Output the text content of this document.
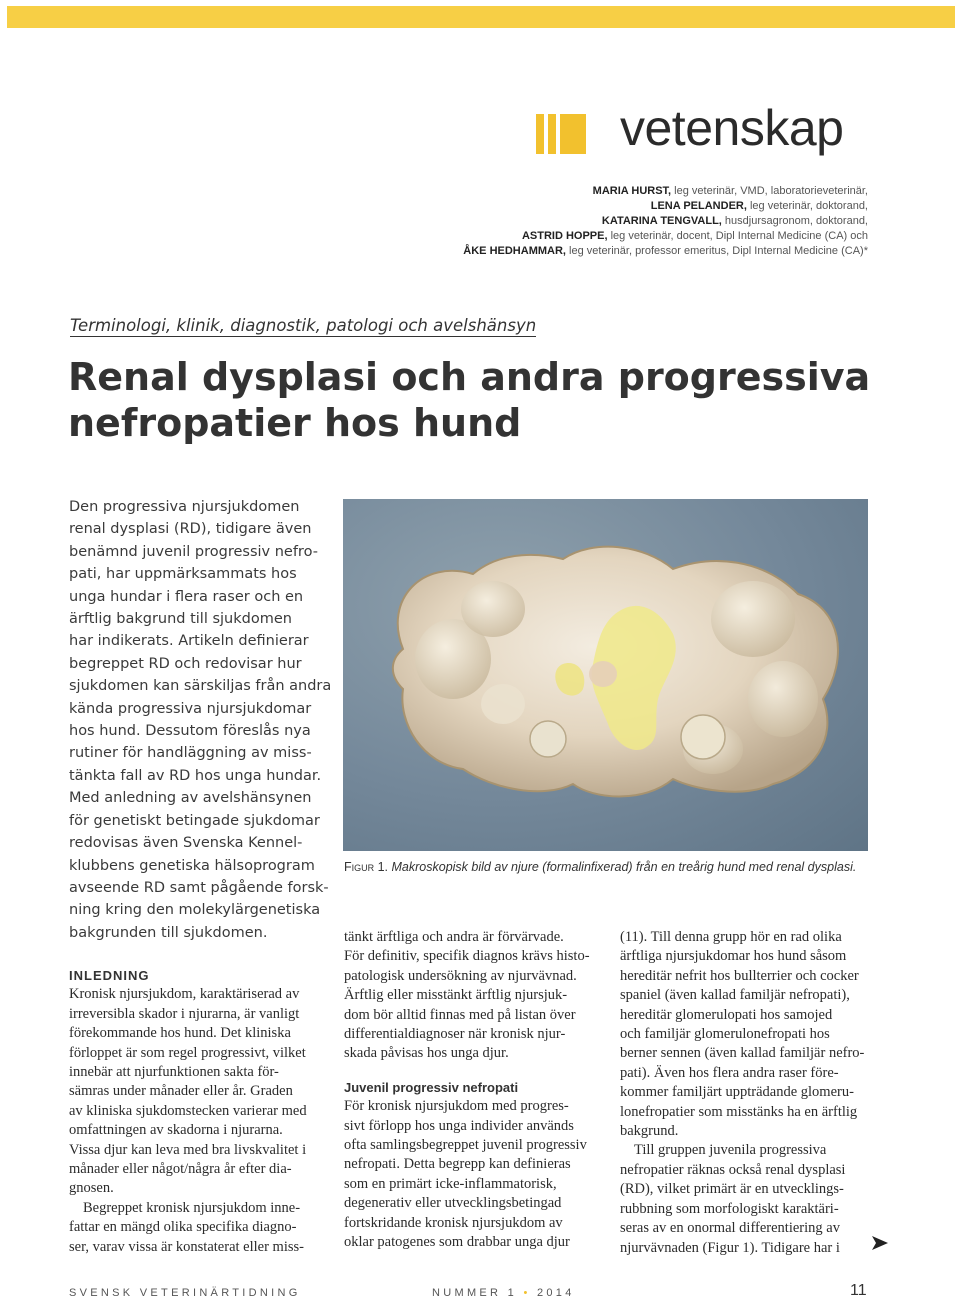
vetenskap
MARIA HURST, leg veterinär, VMD, laboratorieveterinär,
LENA PELANDER, leg veterinär, doktorand,
KATARINA TENGVALL, husdjursagronom, doktorand,
ASTRID HOPPE, leg veterinär, docent, Dipl Internal Medicine (CA) och
ÅKE HEDHAMMAR, leg veterinär, professor emeritus, Dipl Internal Medicine (CA)*
Terminologi, klinik, diagnostik, patologi och avelshänsyn
Renal dysplasi och andra progressiva
nefropatier hos hund
Den progressiva njursjukdomen
renal dysplasi (RD), tidigare även
benämnd juvenil progressiv nefro-
pati, har uppmärksammats hos
unga hundar i flera raser och en
ärftlig bakgrund till sjukdomen
har indikerats. Artikeln definierar
begreppet RD och redovisar hur
sjukdomen kan särskiljas från andra
kända progressiva njursjukdomar
hos hund. Dessutom föreslås nya
rutiner för handläggning av miss-
tänkta fall av RD hos unga hundar.
Med anledning av avelshänsynen
för genetiskt betingade sjukdomar
redovisas även Svenska Kennel-
klubbens genetiska hälsoprogram
avseende RD samt pågående forsk-
ning kring den molekylärgenetiska
bakgrunden till sjukdomen.
Figur 1. Makroskopisk bild av njure (formalinfixerad) från en treårig hund med renal dysplasi.
INLEDNING
Kronisk njursjukdom, karaktäriserad av
irreversibla skador i njurarna, är vanligt
förekommande hos hund. Det kliniska
förloppet är som regel progressivt, vilket
innebär att njurfunktionen sakta för-
sämras under månader eller år. Graden
av kliniska sjukdomstecken varierar med
omfattningen av skadorna i njurarna.
Vissa djur kan leva med bra livskvalitet i
månader eller något/några år efter dia-
gnosen.
Begreppet kronisk njursjukdom inne-
fattar en mängd olika specifika diagno-
ser, varav vissa är konstaterat eller miss-
tänkt ärftliga och andra är förvärvade.
För definitiv, specifik diagnos krävs histo-
patologisk undersökning av njurvävnad.
Ärftlig eller misstänkt ärftlig njursjuk-
dom bör alltid finnas med på listan över
differentialdiagnoser när kronisk njur-
skada påvisas hos unga djur.
Juvenil progressiv nefropati
För kronisk njursjukdom med progres-
sivt förlopp hos unga individer används
ofta samlingsbegreppet juvenil progressiv
nefropati. Detta begrepp kan definieras
som en primärt icke-inflammatorisk,
degenerativ eller utvecklingsbetingad
fortskridande kronisk njursjukdom av
oklar patogenes som drabbar unga djur
(11). Till denna grupp hör en rad olika
ärftliga njursjukdomar hos hund såsom
hereditär nefrit hos bullterrier och cocker
spaniel (även kallad familjär nefropati),
hereditär glomerulopati hos samojed
och familjär glomerulonefropati hos
berner sennen (även kallad familjär nefro-
pati). Även hos flera andra raser före-
kommer familjärt uppträdande glomeru-
lonefropatier som misstänks ha en ärftlig
bakgrund.
Till gruppen juvenila progressiva
nefropatier räknas också renal dysplasi
(RD), vilket primärt är en utvecklings-
rubbning som morfologiskt karaktäri-
seras av en onormal differentiering av
njurvävnaden (Figur 1). Tidigare har i
SVENSK VETERINÄRTIDNING	NUMMER 1 • 2014	11
